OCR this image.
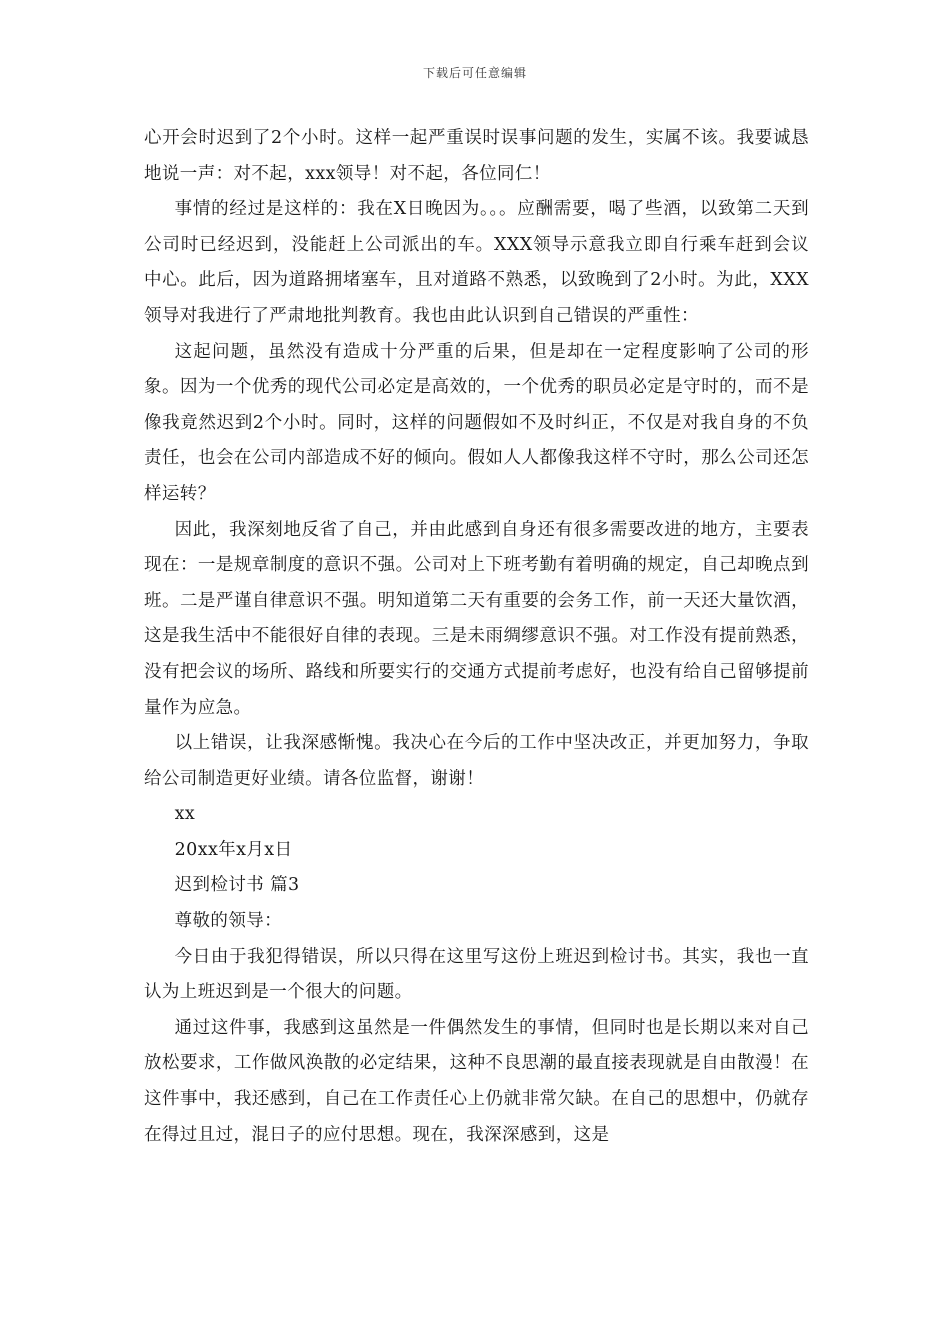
下载后可任意编辑

心开会时迟到了2个小时。这样一起严重误时误事问题的发生，实属不该。我要诚恳地说一声：对不起，xxx领导！对不起，各位同仁！

事情的经过是这样的：我在X日晚因为。。。应酬需要，喝了些酒，以致第二天到公司时已经迟到，没能赶上公司派出的车。XXX领导示意我立即自行乘车赶到会议中心。此后，因为道路拥堵塞车，且对道路不熟悉，以致晚到了2小时。为此，XXX领导对我进行了严肃地批判教育。我也由此认识到自己错误的严重性：

这起问题，虽然没有造成十分严重的后果，但是却在一定程度影响了公司的形象。因为一个优秀的现代公司必定是高效的，一个优秀的职员必定是守时的，而不是像我竟然迟到2个小时。同时，这样的问题假如不及时纠正，不仅是对我自身的不负责任，也会在公司内部造成不好的倾向。假如人人都像我这样不守时，那么公司还怎样运转？

因此，我深刻地反省了自己，并由此感到自身还有很多需要改进的地方，主要表现在：一是规章制度的意识不强。公司对上下班考勤有着明确的规定，自己却晚点到班。二是严谨自律意识不强。明知道第二天有重要的会务工作，前一天还大量饮酒，这是我生活中不能很好自律的表现。三是未雨绸缪意识不强。对工作没有提前熟悉，没有把会议的场所、路线和所要实行的交通方式提前考虑好，也没有给自己留够提前量作为应急。

以上错误，让我深感惭愧。我决心在今后的工作中坚决改正，并更加努力，争取给公司制造更好业绩。请各位监督，谢谢！

xx

20xx年x月x日

迟到检讨书 篇3

尊敬的领导：

今日由于我犯得错误，所以只得在这里写这份上班迟到检讨书。其实，我也一直认为上班迟到是一个很大的问题。

通过这件事，我感到这虽然是一件偶然发生的事情，但同时也是长期以来对自己放松要求，工作做风涣散的必定结果，这种不良思潮的最直接表现就是自由散漫！在这件事中，我还感到，自己在工作责任心上仍就非常欠缺。在自己的思想中，仍就存在得过且过，混日子的应付思想。现在，我深深感到，这是
